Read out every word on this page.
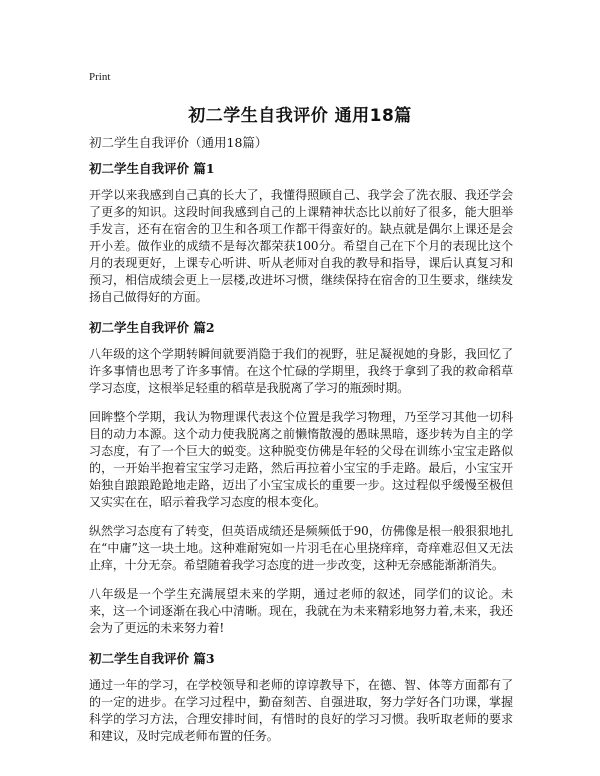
Print
初二学生自我评价 通用18篇
初二学生自我评价（通用18篇）
初二学生自我评价 篇1

开学以来我感到自己真的长大了，我懂得照顾自己、我学会了洗衣服、我还学会了更多的知识。这段时间我感到自己的上课精神状态比以前好了很多，能大胆举手发言，还有在宿舍的卫生和各项工作都干得蛮好的。缺点就是偶尔上课还是会开小差。做作业的成绩不是每次都荣获100分。希望自己在下个月的表现比这个月的表现更好，上课专心听讲、听从老师对自我的教导和指导，课后认真复习和预习，相信成绩会更上一层楼,改进坏习惯，继续保持在宿舍的卫生要求，继续发扬自己做得好的方面。

初二学生自我评价 篇2

八年级的这个学期转瞬间就要消隐于我们的视野，驻足凝视她的身影，我回忆了许多事情也思考了许多事情。在这个忙碌的学期里，我终于拿到了我的救命稻草学习态度，这根举足轻重的稻草是我脱离了学习的瓶颈时期。

回眸整个学期，我认为物理课代表这个位置是我学习物理，乃至学习其他一切科目的动力本源。这个动力使我脱离之前懒惰散漫的愚昧黑暗，逐步转为自主的学习态度，有了一个巨大的蜕变。这种脱变仿佛是年轻的父母在训练小宝宝走路似的，一开始半抱着宝宝学习走路，然后再拉着小宝宝的手走路。最后，小宝宝开始独自踉踉跄跄地走路，迈出了小宝宝成长的重要一步。这过程似乎缓慢至极但又实实在在，昭示着我学习态度的根本变化。

纵然学习态度有了转变，但英语成绩还是频频低于90，仿佛像是根一般狠狠地扎在“中庸”这一块土地。这种难耐宛如一片羽毛在心里挠痒痒，奇痒难忍但又无法止痒，十分无奈。希望随着我学习态度的进一步改变，这种无奈感能渐渐消失。

八年级是一个学生充满展望未来的学期，通过老师的叙述，同学们的议论。未来，这一个词逐渐在我心中清晰。现在，我就在为未来精彩地努力着,未来，我还会为了更远的未来努力着!

初二学生自我评价 篇3

通过一年的学习，在学校领导和老师的谆谆教导下，在德、智、体等方面都有了的一定的进步。在学习过程中，勤奋刻苦、自强进取，努力学好各门功课，掌握科学的学习方法，合理安排时间，有惜时的良好的学习习惯。我听取老师的要求和建议，及时完成老师布置的任务。
